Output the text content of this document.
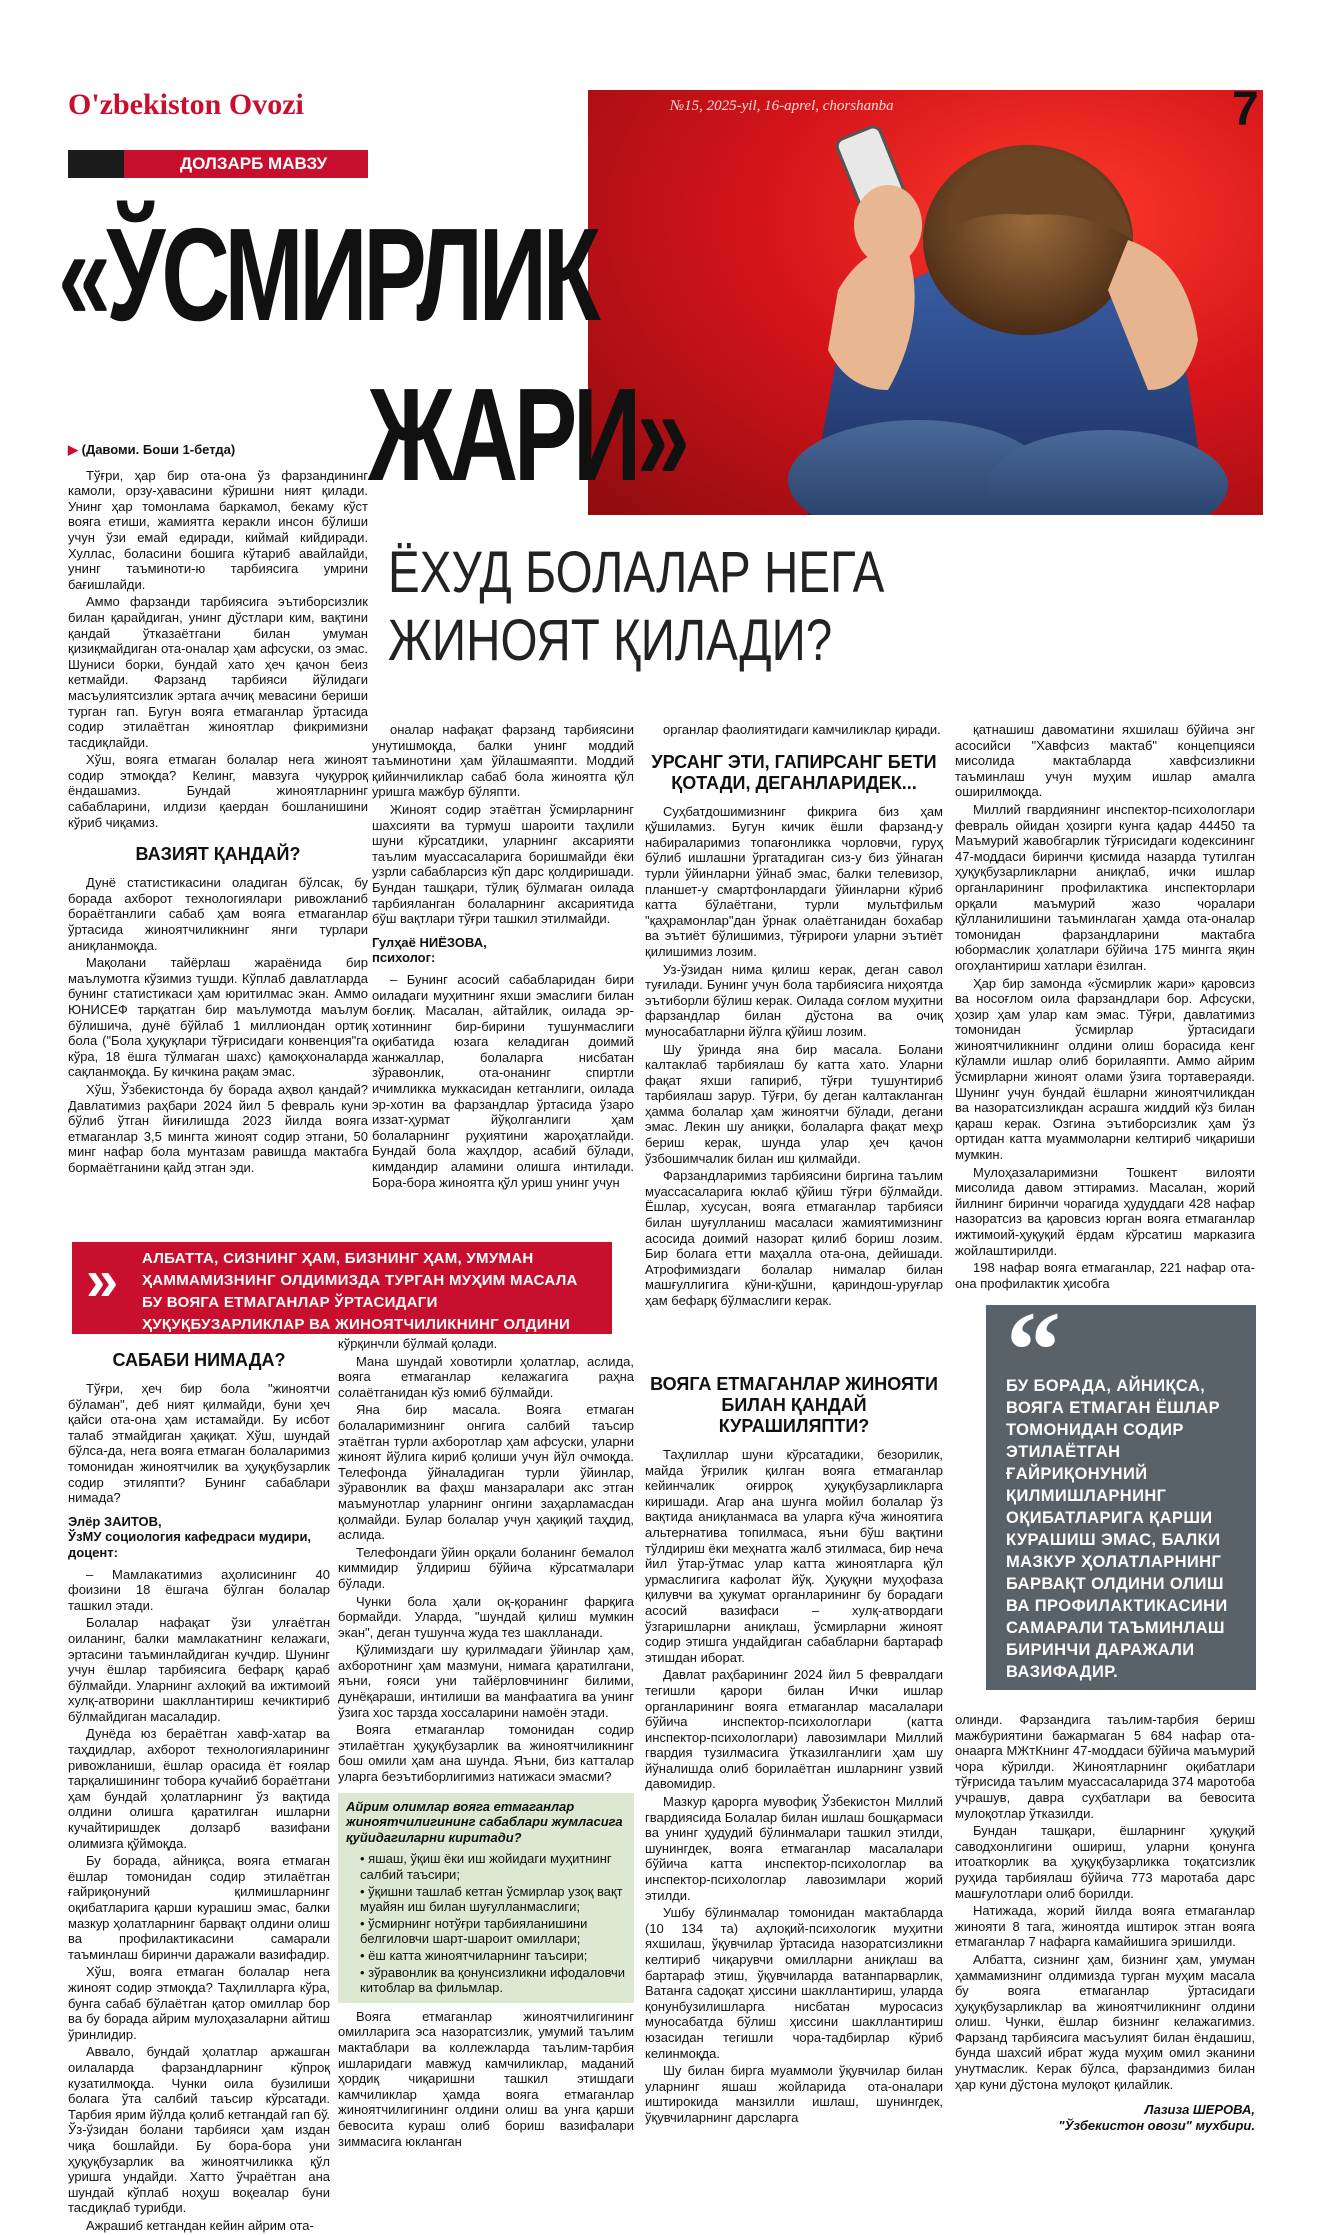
O'zbekiston Ovozi
ДОЛЗАРБ МАВЗУ
№15, 2025-yil, 16-aprel, chorshanba	7
«ЎСМИРЛИК
ЖАРИ»
ЁХУД БОЛАЛАР НЕГА
ЖИНОЯТ ҚИЛАДИ?
▶ (Давоми. Боши 1-бетда)

Тўғри, ҳар бир ота-она ўз фарзандининг камоли, орзу-ҳавасини кўришни ният қилади. Унинг ҳар томонлама баркамол, бекаму кўст вояга етиши, жамиятга керакли инсон бўлиши учун ўзи емай едиради, киймай кийдиради. Хуллас, боласини бошига кўтариб авайлайди, унинг таъминоти-ю тарбиясига умрини бағишлайди.

Аммо фарзанди тарбиясига эътиборсизлик билан қарайдиган, унинг дўстлари ким, вақтини қандай ўтказаётгани билан умуман қизиқмайдиган ота-оналар ҳам афсуски, оз эмас. Шуниси борки, бундай хато ҳеч қачон беиз кетмайди. Фарзанд тарбияси йўлидаги масъулиятсизлик эртага аччиқ мевасини бериши турган гап. Бугун вояга етмаганлар ўртасида содир этилаётган жиноятлар фикримизни тасдиқлайди.

Хўш, вояга етмаган болалар нега жиноят содир этмоқда? Келинг, мавзуга чуқурроқ ёндашамиз. Бундай жиноятларнинг сабабларини, илдизи қаердан бошланишини кўриб чиқамиз.

ВАЗИЯТ ҚАНДАЙ?

Дунё статистикасини оладиган бўлсак, бу борада ахборот технологиялари ривожланиб бораётганлиги сабаб ҳам вояга етмаганлар ўртасида жиноятчиликнинг янги турлари аниқланмоқда.

Мақолани тайёрлаш жараёнида бир маълумотга кўзимиз тушди. Кўплаб давлатларда бунинг статистикаси ҳам юритилмас экан. Аммо ЮНИСЕФ тарқатган бир маълумотда маълум бўлишича, дунё бўйлаб 1 миллиондан ортиқ бола ("Бола ҳуқуқлари тўғрисидаги конвенция"га кўра, 18 ёшга тўлмаган шахс) қамоқхоналарда сақланмоқда. Бу кичкина рақам эмас.

Хўш, Ўзбекистонда бу борада аҳвол қандай? Давлатимиз раҳбари 2024 йил 5 февраль куни бўлиб ўтган йиғилишда 2023 йилда вояга етмаганлар 3,5 мингта жиноят содир этгани, 50 минг нафар бола мунтазам равишда мактабга бормаётганини қайд этган эди.

оналар нафақат фарзанд тарбиясини унутишмоқда, балки унинг моддий таъминотини ҳам ўйлашмаяпти. Моддий қийинчиликлар сабаб бола жиноятга қўл уришга мажбур бўляпти.

Жиноят содир этаётган ўсмирларнинг шахсияти ва турмуш шароити таҳлили шуни кўрсатдики, уларнинг аксарияти таълим муассасаларига боришмайди ёки узрли сабабларсиз кўп дарс қолдиришади. Бундан ташқари, тўлиқ бўлмаган оилада тарбияланган болаларнинг аксариятида бўш вақтлари тўғри ташкил этилмайди.

Гулҳаё НИЁЗОВА,
психолог:

– Бунинг асосий сабабларидан бири оиладаги муҳитнинг яхши эмаслиги билан боғлиқ. Масалан, айтайлик, оилада эр-хотиннинг бир-бирини тушунмаслиги оқибатида юзага келадиган доимий жанжаллар, болаларга нисбатан зўравонлик, ота-онанинг спиртли ичимликка муккасидан кетганлиги, оилада эр-хотин ва фарзандлар ўртасида ўзаро иззат-ҳурмат йўқолганлиги ҳам болаларнинг руҳиятини жароҳатлайди. Бундай бола жаҳлдор, асабий бўлади, кимдандир аламини олишга интилади. Бора-бора жиноятга қўл уриш унинг учун

органлар фаолиятидаги камчиликлар қиради.

УРСАНГ ЭТИ, ГАПИРСАНГ БЕТИ ҚОТАДИ, ДЕГАНЛАРИДЕК...

Суҳбатдошимизнинг фикрига биз ҳам қўшиламиз. Бугун кичик ёшли фарзанд-у набираларимиз топағонликка чорловчи, гуруҳ бўлиб ишлашни ўргатадиган сиз-у биз ўйнаган турли ўйинларни ўйнаб эмас, балки телевизор, планшет-у смартфонлардаги ўйинларни кўриб катта бўлаётгани, турли мультфильм "қаҳрамонлар"дан ўрнак олаётганидан бохабар ва эътиёт бўлишимиз, тўғрироғи уларни эътиёт қилишимиз лозим.

Уз-ўзидан нима қилиш керак, деган савол туғилади. Бунинг учун бола тарбиясига ниҳоятда эътиборли бўлиш керак. Оилада соғлом муҳитни фарзандлар билан дўстона ва очиқ муносабатларни йўлга қўйиш лозим.

Шу ўринда яна бир масала. Болани калтаклаб тарбиялаш бу катта хато. Уларни фақат яхши гапириб, тўғри тушунтириб тарбиялаш зарур. Тўғри, бу деган калтакланган ҳамма болалар ҳам жиноятчи бўлади, дегани эмас. Лекин шу аниқки, болаларга фақат меҳр бериш керак, шунда улар ҳеч қачон ўзбошимчалик билан иш қилмайди.

Фарзандларимиз тарбиясини биргина таълим муассасаларига юклаб қўйиш тўғри бўлмайди. Ёшлар, хусусан, вояга етмаганлар тарбияси билан шуғулланиш масаласи жамиятимизнинг асосида доимий назорат қилиб бориш лозим. Бир болага етти маҳалла ота-она, дейишади. Атрофимиздаги болалар нималар билан машғуллигига кўни-қўшни, қариндош-уруғлар ҳам бефарқ бўлмаслиги керак.

қатнашиш давоматини яхшилаш бўйича энг асосийси "Хавфсиз мактаб" концепцияси мисолида мактабларда хавфсизликни таъминлаш учун муҳим ишлар амалга оширилмоқда.

Миллий гвардиянинг инспектор-психологлари февраль ойидан ҳозирги кунга қадар 44450 та Маъмурий жавобгарлик тўғрисидаги кодексининг 47-моддаси биринчи қисмида назарда тутилган ҳуқуқбузарликларни аниқлаб, ички ишлар органларининг профилактика инспекторлари орқали маъмурий жазо чоралари қўлланилишини таъминлаган ҳамда ота-оналар томонидан фарзандларини мактабга юбормаслик ҳолатлари бўйича 175 мингга яқин огоҳлантириш хатлари ёзилган.

Ҳар бир замонда «ўсмирлик жари» қаровсиз ва носоғлом оила фарзандлари бор. Афсуски, ҳозир ҳам улар кам эмас. Тўғри, давлатимиз томонидан ўсмирлар ўртасидаги жиноятчиликнинг олдини олиш борасида кенг кўламли ишлар олиб борилаяпти. Аммо айрим ўсмирларни жиноят олами ўзига тортавераяди. Шунинг учун бундай ёшларни жиноятчиликдан ва назоратсизликдан асрашга жиддий кўз билан қараш керак. Озгина эътиборсизлик ҳам ўз ортидан катта муаммоларни келтириб чиқариши мумкин.

Мулоҳазаларимизни Тошкент вилояти мисолида давом эттирамиз. Масалан, жорий йилнинг биринчи чорагида ҳудуддаги 428 нафар назоратсиз ва қаровсиз юрган вояга етмаганлар ижтимоий-ҳуқуқий ёрдам кўрсатиш марказига жойлаштирилди.

198 нафар вояга етмаганлар, 221 нафар ота-она профилактик ҳисобга

» АЛБАТТА, СИЗНИНГ ҲАМ, БИЗНИНГ ҲАМ, УМУМАН ҲАММАМИЗНИНГ ОЛДИМИЗДА ТУРГАН МУҲИМ МАСАЛА БУ ВОЯГА ЕТМАГАНЛАР ЎРТАСИДАГИ ҲУҚУҚБУЗАРЛИКЛАР ВА ЖИНОЯТЧИЛИКНИНГ ОЛДИНИ ОЛИШ.
САБАБИ НИМАДА?

Тўғри, ҳеч бир бола "жиноятчи бўламан", деб ният қилмайди, буни ҳеч қайси ота-она ҳам истамайди. Бу исбот талаб этмайдиган ҳақиқат. Хўш, шундай бўлса-да, нега вояга етмаган болаларимиз томонидан жиноятчилик ва ҳуқуқбузарлик содир этиляпти? Бунинг сабаблари нимада?

Элёр ЗАИТОВ,
ЎзМУ социология кафедраси мудири, доцент:

– Мамлакатимиз аҳолисининг 40 фоизини 18 ёшгача бўлган болалар ташкил этади.

Болалар нафақат ўзи улғаётган оиланинг, балки мамлакатнинг келажаги, эртасини таъминлайдиган кучдир. Шунинг учун ёшлар тарбиясига бефарқ қараб бўлмайди. Уларнинг ахлоқий ва ижтимоий хулқ-атворини шакллантириш кечиктириб бўлмайдиган масаладир.

Дунёда юз бераётган хавф-хатар ва таҳдидлар, ахборот технологияларининг ривожланиши, ёшлар орасида ёт ғоялар тарқалишининг тобора кучайиб бораётгани ҳам бундай ҳолатларнинг ўз вақтида олдини олишга қаратилган ишларни кучайтиришдек долзарб вазифани олимизга қўймоқда.

Бу борада, айниқса, вояга етмаган ёшлар томонидан содир этилаётган ғайриқонуний қилмишларнинг оқибатларига қарши курашиш эмас, балки мазкур ҳолатларнинг барвақт олдини олиш ва профилактикасини самарали таъминлаш биринчи даражали вазифадир.

Хўш, вояга етмаган болалар нега жиноят содир этмоқда? Таҳлилларга кўра, бунга сабаб бўлаётган қатор омиллар бор ва бу борада айрим мулоҳазаларни айтиш ўринлидир.

Аввало, бундай ҳолатлар аржашган оилаларда фарзандларнинг кўпроқ кузатилмоқда. Чунки оила бузилиши болага ўта салбий таъсир кўрсатади. Тарбия ярим йўлда қолиб кетгандай гап бў. Ўз-ўзидан болани тарбияси ҳам издан чиқа бошлайди. Бу бора-бора уни ҳуқуқбузарлик ва жиноятчиликка қўл уришга ундайди. Хатто ўчраётган ана шундай кўплаб ноҳуш воқеалар буни тасдиқлаб турибди.

Ажрашиб кетгандан кейин айрим ота-

кўрқинчли бўлмай қолади.

Мана шундай ховотирли ҳолатлар, аслида, вояга етмаганлар келажагига раҳна солаётганидан кўз юмиб бўлмайди.

Яна бир масала. Вояга етмаган болаларимизнинг онгига салбий таъсир этаётган турли ахборотлар ҳам афсуски, уларни жиноят йўлига кириб қолиши учун йўл очмоқда. Телефонда ўйналадиган турли ўйинлар, зўравонлик ва фаҳш манзаралари акс этган маъмунотлар уларнинг онгини заҳарламасдан қолмайди. Булар болалар учун ҳақиқий таҳдид, аслида.

Телефондаги ўйин орқали боланинг бемалол киммидир ўлдириш бўйича кўрсатмалари бўлади.

Чунки бола ҳали оқ-қоранинг фарқига бормайди. Уларда, "шундай қилиш мумкин экан", деган тушунча жуда тез шаклланади.

Қўлимиздаги шу қурилмадаги ўйинлар ҳам, ахборотнинг ҳам мазмуни, нимага қаратилгани, яъни, ғояси уни тайёрловчининг билими, дунёқараши, интилиши ва манфаатига ва унинг ўзига хос тарзда хоссаларини намоён этади.

Вояга етмаганлар томонидан содир этилаётган ҳуқуқбузарлик ва жиноятчиликнинг бош омили ҳам ана шунда. Яъни, биз катталар уларга беэътиборлигимиз натижаси эмасми?

Айрим олимлар вояга етмаганлар жиноятчилигининг сабаблари жумласига қуйидагиларни киритади?
• яшаш, ўқиш ёки иш жойидаги муҳитнинг салбий таъсири;
• ўқишни ташлаб кетган ўсмирлар узоқ вақт муайян иш билан шуғулланмаслиги;
• ўсмирнинг нотўғри тарбияланишини белгиловчи шарт-шароит омиллари;
• ёш катта жиноятчиларнинг таъсири;
• зўравонлик ва қонунсизликни ифодаловчи китоблар ва фильмлар.

Вояга етмаганлар жиноятчилигининг омилларига эса назоратсизлик, умумий таълим мактаблари ва коллежларда таълим-тарбия ишларидаги мавжуд камчиликлар, маданий ҳордиқ чиқаришни ташкил этишдаги камчиликлар ҳамда вояга етмаганлар жиноятчилигининг олдини олиш ва унга қарши бевосита кураш олиб бориш вазифалари зиммасига юкланган

ВОЯГА ЕТМАГАНЛАР ЖИНОЯТИ БИЛАН ҚАНДАЙ КУРАШИЛЯПТИ?

Таҳлиллар шуни кўрсатадики, безорилик, майда ўғрилик қилган вояга етмаганлар кейинчалик оғирроқ ҳуқуқбузарликларга киришади. Агар ана шунга мойил болалар ўз вақтида аниқланмаса ва уларга кўча жиноятига альтернатива топилмаса, яъни бўш вақтини тўлдириш ёки меҳнатга жалб этилмаса, бир неча йил ўтар-ўтмас улар катта жиноятларга қўл урмаслигига кафолат йўқ. Ҳуқуқни муҳофаза қилувчи ва ҳукумат органларининг бу борадаги асосий вазифаси – хулқ-атвордаги ўзгаришларни аниқлаш, ўсмирларни жиноят содир этишга ундайдиган сабабларни бартараф этишдан иборат.

Давлат раҳбарининг 2024 йил 5 февралдаги тегишли қарори билан Ички ишлар органларининг вояга етмаганлар масалалари бўйича инспектор-психологлари (катта инспектор-психологлари) лавозимлари Миллий гвардия тузилмасига ўтказилганлиги ҳам шу йўналишда олиб борилаётган ишларнинг узвий давомидир.

Мазкур қарорга мувофиқ Ўзбекистон Миллий гвардиясида Болалар билан ишлаш бошқармаси ва унинг ҳудудий бўлинмалари ташкил этилди, шунингдек, вояга етмаганлар масалалари бўйича катта инспектор-психологлар ва инспектор-психологлар лавозимлари жорий этилди.

Ушбу бўлинмалар томонидан мактабларда (10 134 та) аҳлоқий-психологик муҳитни яхшилаш, ўқувчилар ўртасида назоратсизликни келтириб чиқарувчи омилларни аниқлаш ва бартараф этиш, ўқувчиларда ватанпарварлик, Ватанга садоқат ҳиссини шакллантириш, уларда қонунбузилишларга нисбатан муросасиз муносабатда бўлиш ҳиссини шакллантириш юзасидан тегишли чора-тадбирлар кўриб келинмоқда.

Шу билан бирга муаммоли ўқувчилар билан уларнинг яшаш жойларида ота-оналари иштирокида манзилли ишлаш, шунингдек, ўқувчиларнинг дарсларга

“
БУ БОРАДА, АЙНИҚСА, ВОЯГА ЕТМАГАН ЁШЛАР ТОМОНИДАН СОДИР ЭТИЛАЁТГАН ҒАЙРИҚОНУНИЙ ҚИЛМИШЛАРНИНГ ОҚИБАТЛАРИГА ҚАРШИ КУРАШИШ ЭМАС, БАЛКИ МАЗКУР ҲОЛАТЛАРНИНГ БАРВАҚТ ОЛДИНИ ОЛИШ ВА ПРОФИЛАКТИКАСИНИ САМАРАЛИ ТАЪМИНЛАШ БИРИНЧИ ДАРАЖАЛИ ВАЗИФАДИР.

олинди. Фарзандига таълим-тарбия бериш мажбуриятини бажармаган 5 684 нафар ота-онаарга МЖтКнинг 47-моддаси бўйича маъмурий чора кўрилди. Жиноятларнинг оқибатлари тўғрисида таълим муассасаларида 374 маротоба учрашув, давра суҳбатлари ва бевосита мулоқотлар ўтказилди.

Бундан ташқари, ёшларнинг ҳуқуқий саводхонлигини ошириш, уларни қонунга итоаткорлик ва ҳуқуқбузарликка тоқатсизлик руҳида тарбиялаш бўйича 773 маротаба дарс машғулотлари олиб борилди.

Натижада, жорий йилда вояга етмаганлар жинояти 8 тага, жиноятда иштирок этган вояга етмаганлар 7 нафарга камайишига эришилди.

Албатта, сизнинг ҳам, бизнинг ҳам, умуман ҳаммамизнинг олдимизда турган муҳим масала бу вояга етмаганлар ўртасидаги ҳуқуқбузарликлар ва жиноятчиликнинг олдини олиш. Чунки, ёшлар бизнинг келажагимиз. Фарзанд тарбиясига масъулият билан ёндашиш, бунда шахсий ибрат жуда муҳим омил эканини унутмаслик. Керак бўлса, фарзандимиз билан ҳар куни дўстона мулоқот қилайлик.

Лазиза ШЕРОВА,
"Ўзбекистон овози" мухбири.
